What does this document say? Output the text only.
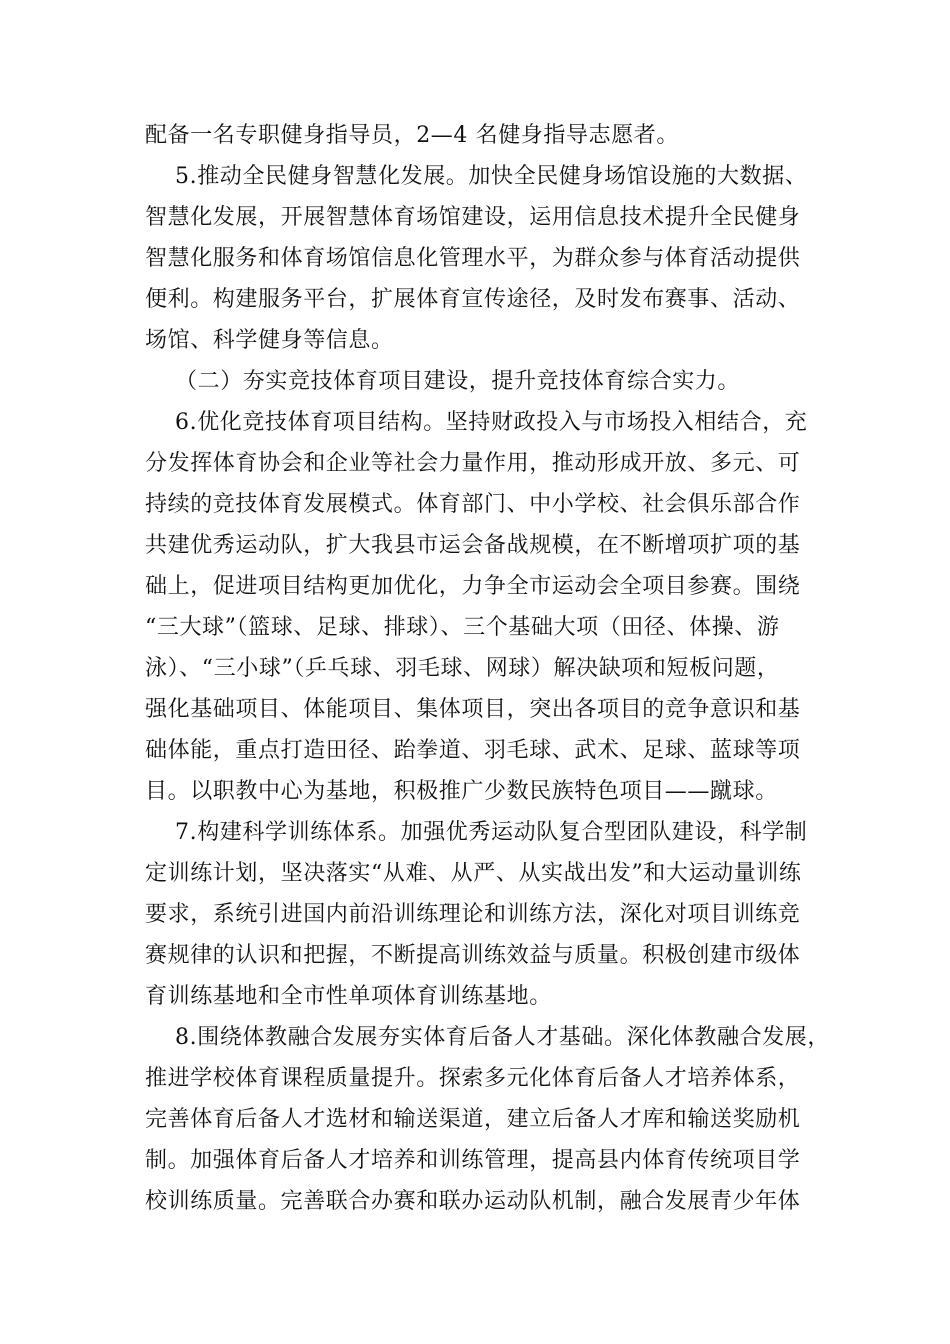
配备一名专职健身指导员，2—4 名健身指导志愿者。
5.推动全民健身智慧化发展。加快全民健身场馆设施的大数据、
智慧化发展，开展智慧体育场馆建设，运用信息技术提升全民健身
智慧化服务和体育场馆信息化管理水平，为群众参与体育活动提供
便利。构建服务平台，扩展体育宣传途径，及时发布赛事、活动、
场馆、科学健身等信息。
（二）夯实竞技体育项目建设，提升竞技体育综合实力。
6.优化竞技体育项目结构。坚持财政投入与市场投入相结合，充
分发挥体育协会和企业等社会力量作用，推动形成开放、多元、可
持续的竞技体育发展模式。体育部门、中小学校、社会俱乐部合作
共建优秀运动队，扩大我县市运会备战规模，在不断增项扩项的基
础上，促进项目结构更加优化，力争全市运动会全项目参赛。围绕
“三大球”（篮球、足球、排球）、三个基础大项（田径、体操、游
泳）、“三小球”（乒乓球、羽毛球、网球）解决缺项和短板问题，
强化基础项目、体能项目、集体项目，突出各项目的竞争意识和基
础体能，重点打造田径、跆拳道、羽毛球、武术、足球、蓝球等项
目。以职教中心为基地，积极推广少数民族特色项目——蹴球。
7.构建科学训练体系。加强优秀运动队复合型团队建设，科学制
定训练计划，坚决落实“从难、从严、从实战出发”和大运动量训练
要求，系统引进国内前沿训练理论和训练方法，深化对项目训练竞
赛规律的认识和把握，不断提高训练效益与质量。积极创建市级体
育训练基地和全市性单项体育训练基地。
8.围绕体教融合发展夯实体育后备人才基础。深化体教融合发展，
推进学校体育课程质量提升。探索多元化体育后备人才培养体系，
完善体育后备人才选材和输送渠道，建立后备人才库和输送奖励机
制。加强体育后备人才培养和训练管理，提高县内体育传统项目学
校训练质量。完善联合办赛和联办运动队机制，融合发展青少年体
